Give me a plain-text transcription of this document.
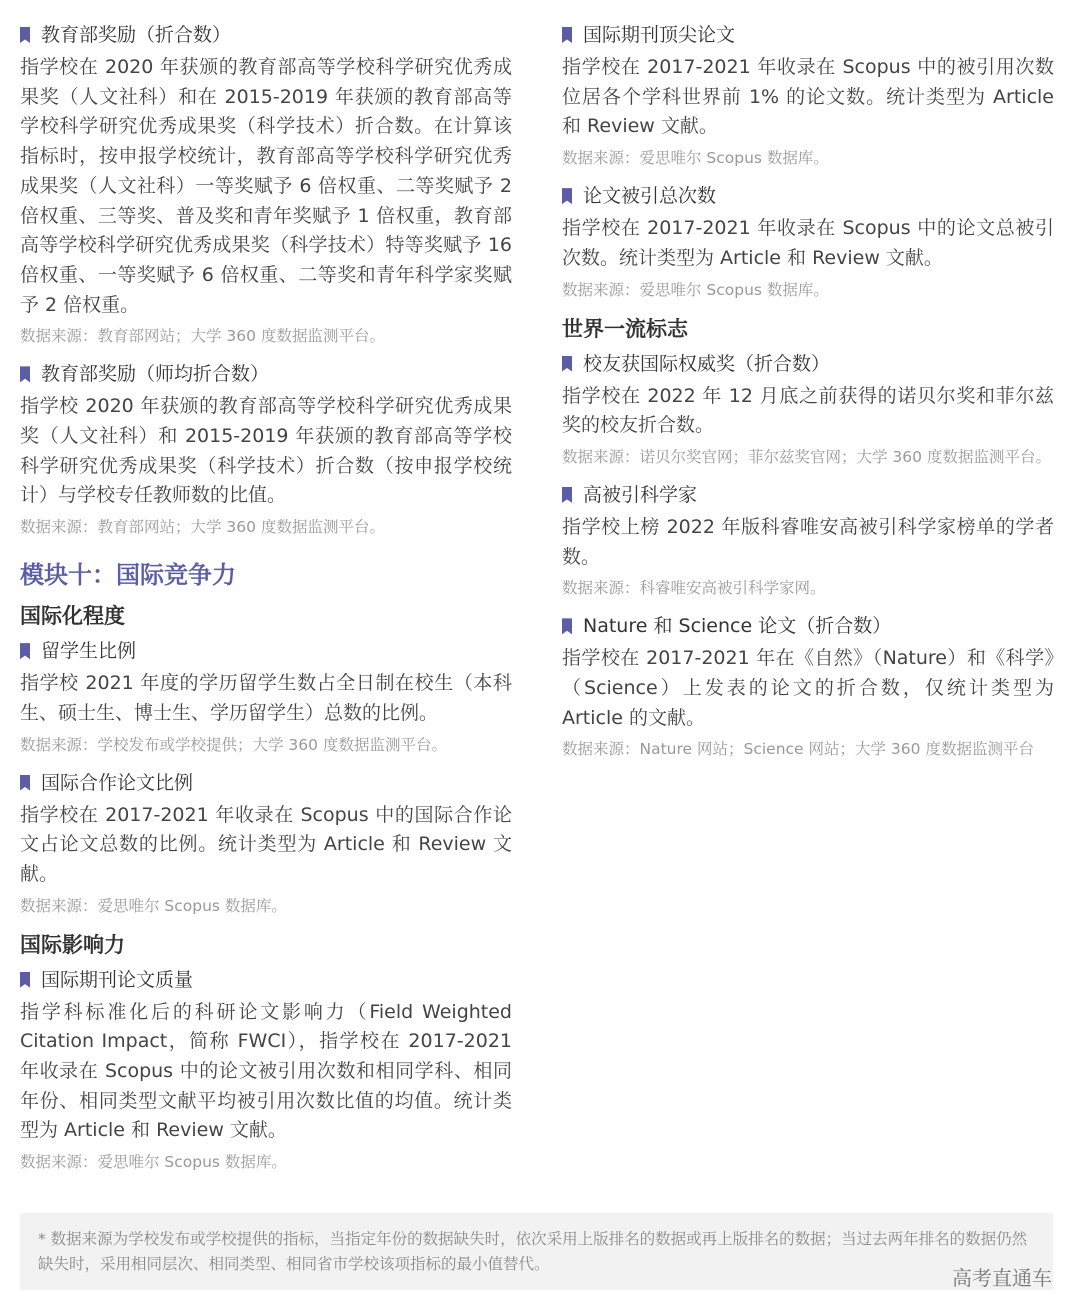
教育部奖励（折合数）
指学校在 2020 年获颁的教育部高等学校科学研究优秀成果奖（人文社科）和在 2015-2019 年获颁的教育部高等学校科学研究优秀成果奖（科学技术）折合数。在计算该指标时，按申报学校统计，教育部高等学校科学研究优秀成果奖（人文社科）一等奖赋予 6 倍权重、二等奖赋予 2 倍权重、三等奖、普及奖和青年奖赋予 1 倍权重，教育部高等学校科学研究优秀成果奖（科学技术）特等奖赋予 16 倍权重、一等奖赋予 6 倍权重、二等奖和青年科学家奖赋予 2 倍权重。
数据来源：教育部网站；大学 360 度数据监测平台。
教育部奖励（师均折合数）
指学校 2020 年获颁的教育部高等学校科学研究优秀成果奖（人文社科）和 2015-2019 年获颁的教育部高等学校科学研究优秀成果奖（科学技术）折合数（按申报学校统计）与学校专任教师数的比值。
数据来源：教育部网站；大学 360 度数据监测平台。
模块十：国际竞争力
国际化程度
留学生比例
指学校 2021 年度的学历留学生数占全日制在校生（本科生、硕士生、博士生、学历留学生）总数的比例。
数据来源：学校发布或学校提供；大学 360 度数据监测平台。
国际合作论文比例
指学校在 2017-2021 年收录在 Scopus 中的国际合作论文占论文总数的比例。统计类型为 Article 和 Review 文献。
数据来源：爱思唯尔 Scopus 数据库。
国际影响力
国际期刊论文质量
指学科标准化后的科研论文影响力（Field Weighted Citation Impact，简称 FWCI），指学校在 2017-2021 年收录在 Scopus 中的论文被引用次数和相同学科、相同年份、相同类型文献平均被引用次数比值的均值。统计类型为 Article 和 Review 文献。
数据来源：爱思唯尔 Scopus 数据库。
国际期刊顶尖论文
指学校在 2017-2021 年收录在 Scopus 中的被引用次数位居各个学科世界前 1% 的论文数。统计类型为 Article 和 Review 文献。
数据来源：爱思唯尔 Scopus 数据库。
论文被引总次数
指学校在 2017-2021 年收录在 Scopus 中的论文总被引次数。统计类型为 Article 和 Review 文献。
数据来源：爱思唯尔 Scopus 数据库。
世界一流标志
校友获国际权威奖（折合数）
指学校在 2022 年 12 月底之前获得的诺贝尔奖和菲尔兹奖的校友折合数。
数据来源：诺贝尔奖官网；菲尔兹奖官网；大学 360 度数据监测平台。
高被引科学家
指学校上榜 2022 年版科睿唯安高被引科学家榜单的学者数。
数据来源：科睿唯安高被引科学家网。
Nature 和 Science 论文（折合数）
指学校在 2017-2021 年在《自然》（Nature）和《科学》（Science）上发表的论文的折合数，仅统计类型为 Article 的文献。
数据来源：Nature 网站；Science 网站；大学 360 度数据监测平台
* 数据来源为学校发布或学校提供的指标，当指定年份的数据缺失时，依次采用上版排名的数据或再上版排名的数据；当过去两年排名的数据仍然缺失时，采用相同层次、相同类型、相同省市学校该项指标的最小值替代。
高考直通车
